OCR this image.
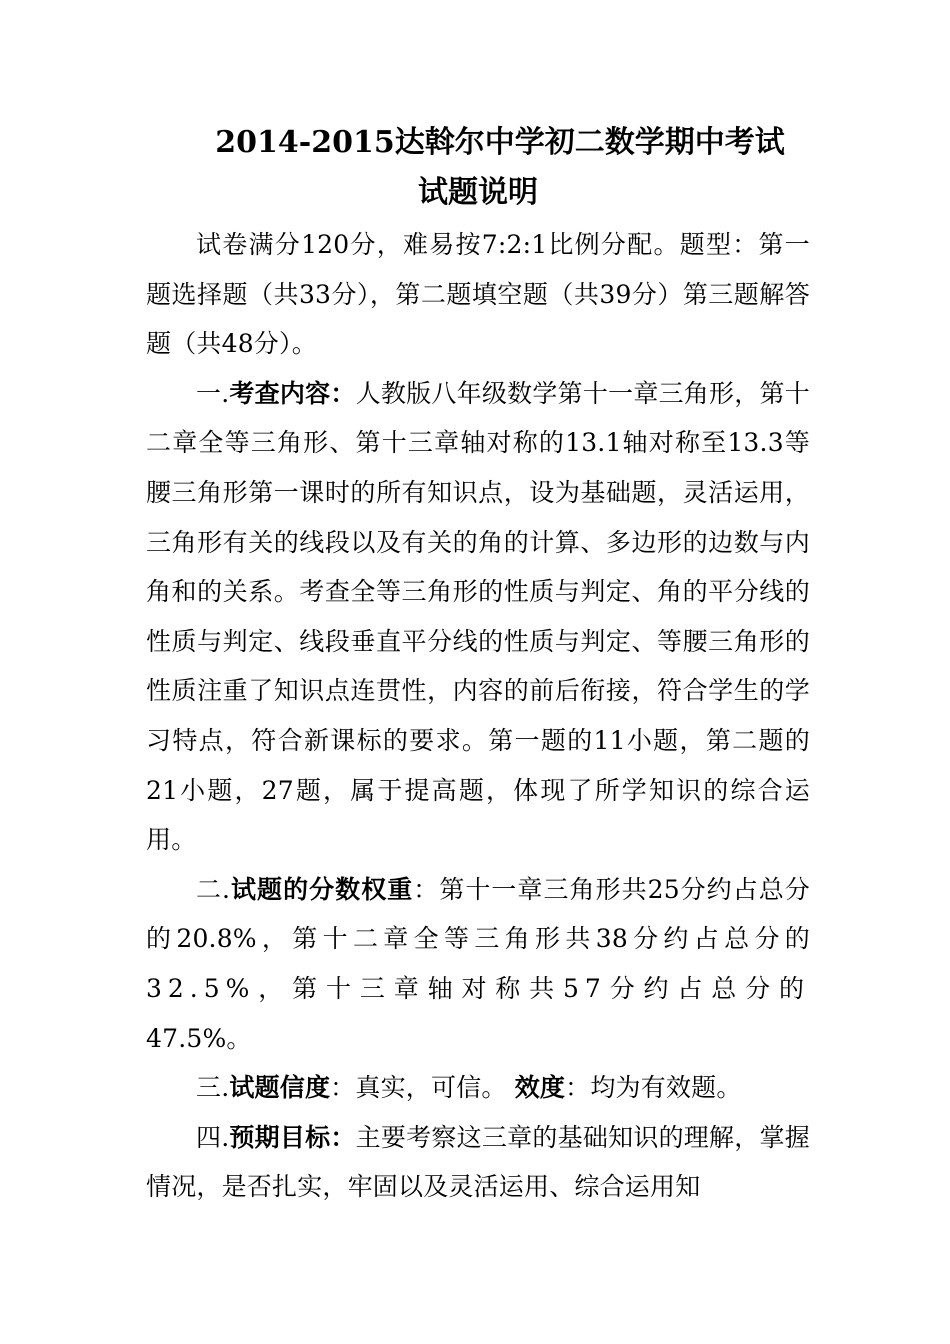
2014-2015达斡尔中学初二数学期中考试
试题说明

试卷满分120分，难易按7:2:1比例分配。题型：第一题选择题（共33分），第二题填空题（共39分）第三题解答题（共48分）。

一.考查内容：人教版八年级数学第十一章三角形，第十二章全等三角形、第十三章轴对称的13.1轴对称至13.3等腰三角形第一课时的所有知识点，设为基础题，灵活运用，三角形有关的线段以及有关的角的计算、多边形的边数与内角和的关系。考查全等三角形的性质与判定、角的平分线的性质与判定、线段垂直平分线的性质与判定、等腰三角形的性质注重了知识点连贯性，内容的前后衔接，符合学生的学习特点，符合新课标的要求。第一题的11小题，第二题的21小题，27题，属于提高题，体现了所学知识的综合运用。

二.试题的分数权重：第十一章三角形共25分约占总分的20.8%，第十二章全等三角形共38分约占总分的32.5%，第十三章轴对称共57分约占总分的47.5%。

三.试题信度：真实，可信。 效度：均为有效题。

四.预期目标：主要考察这三章的基础知识的理解，掌握情况，是否扎实，牢固以及灵活运用、综合运用知
